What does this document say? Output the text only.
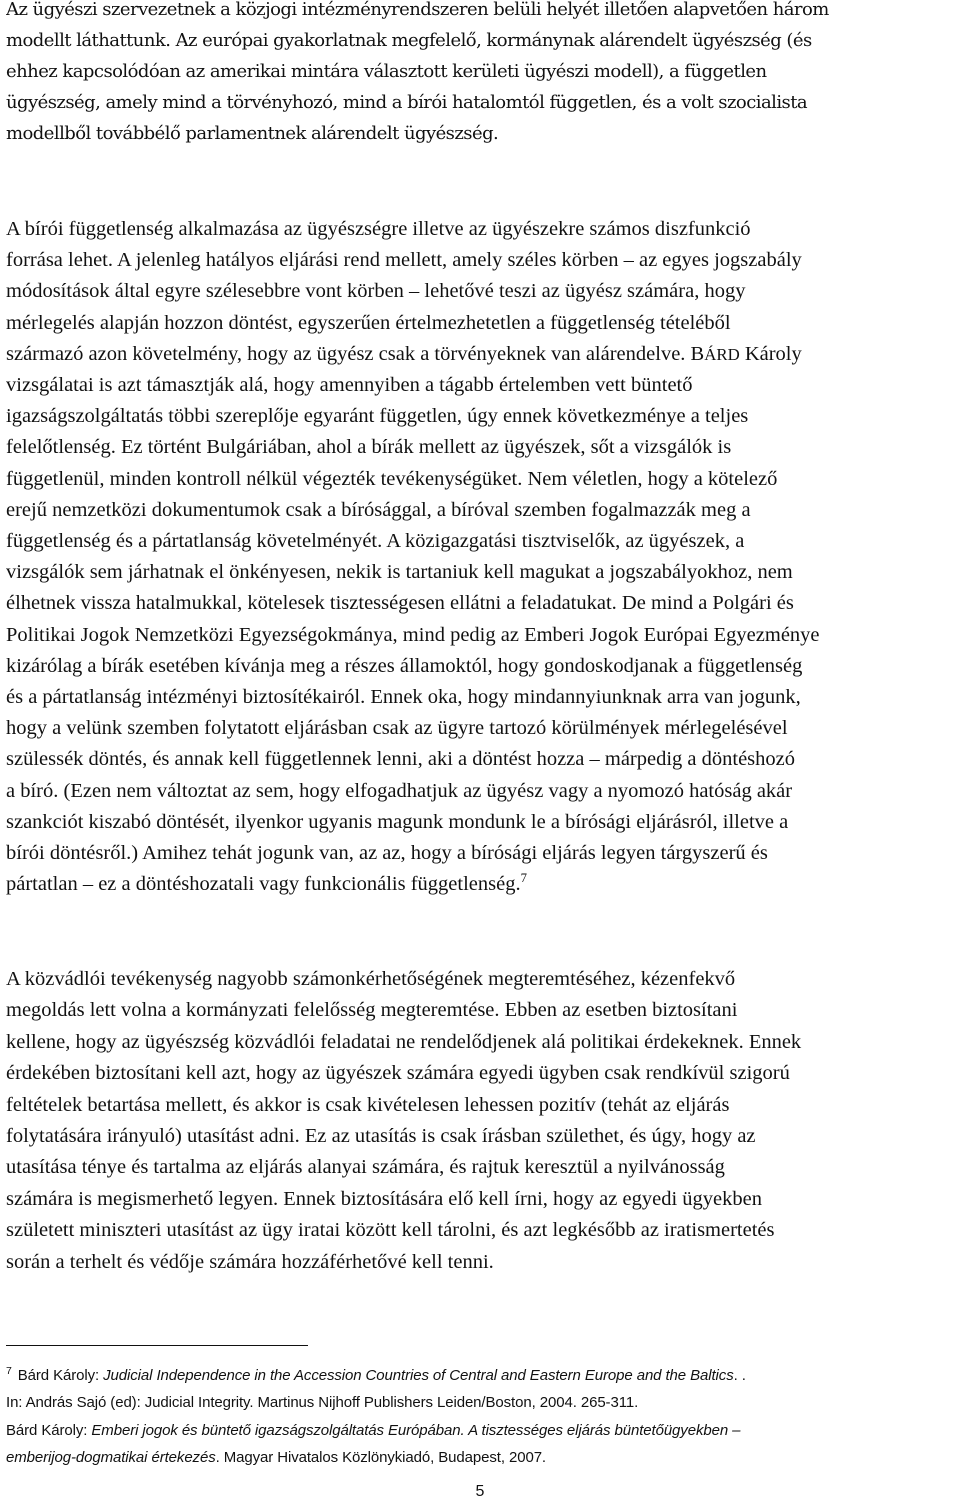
Az ügyészi szervezetnek a közjogi intézményrendszeren belüli helyét illetően alapvetően három
modellt láthattunk. Az európai gyakorlatnak megfelelő, kormánynak alárendelt ügyészség (és
ehhez kapcsolódóan az amerikai mintára választott kerületi ügyészi modell), a független
ügyészség, amely mind a törvényhozó, mind a bírói hatalomtól független, és a volt szocialista
modellből továbbélő parlamentnek alárendelt ügyészség.
A bírói függetlenség alkalmazása az ügyészségre illetve az ügyészekre számos diszfunkció
forrása lehet. A jelenleg hatályos eljárási rend mellett, amely széles körben – az egyes jogszabály
módosítások által egyre szélesebbre vont körben – lehetővé teszi az ügyész számára, hogy
mérlegelés alapján hozzon döntést, egyszerűen értelmezhetetlen a függetlenség tételéből
származó azon követelmény, hogy az ügyész csak a törvényeknek van alárendelve. BÁRD Károly
vizsgálatai is azt támasztják alá, hogy amennyiben a tágabb értelemben vett büntető
igazságszolgáltatás többi szereplője egyaránt független, úgy ennek következménye a teljes
felelőtlenség. Ez történt Bulgáriában, ahol a bírák mellett az ügyészek, sőt a vizsgálók is
függetlenül, minden kontroll nélkül végezték tevékenységüket. Nem véletlen, hogy a kötelező
erejű nemzetközi dokumentumok csak a bírósággal, a bíróval szemben fogalmazzák meg a
függetlenség és a pártatlanság követelményét. A közigazgatási tisztviselők, az ügyészek, a
vizsgálók sem járhatnak el önkényesen, nekik is tartaniuk kell magukat a jogszabályokhoz, nem
élhetnek vissza hatalmukkal, kötelesek tisztességesen ellátni a feladatukat. De mind a Polgári és
Politikai Jogok Nemzetközi Egyezségokmánya, mind pedig az Emberi Jogok Európai Egyezménye
kizárólag a bírák esetében kívánja meg a részes államoktól, hogy gondoskodjanak a függetlenség
és a pártatlanság intézményi biztosítékairól. Ennek oka, hogy mindannyiunknak arra van jogunk,
hogy a velünk szemben folytatott eljárásban csak az ügyre tartozó körülmények mérlegelésével
szülessék döntés, és annak kell függetlennek lenni, aki a döntést hozza – márpedig a döntéshozó
a bíró. (Ezen nem változtat az sem, hogy elfogadhatjuk az ügyész vagy a nyomozó hatóság akár
szankciót kiszabó döntését, ilyenkor ugyanis magunk mondunk le a bírósági eljárásról, illetve a
bírói döntésről.) Amihez tehát jogunk van, az az, hogy a bírósági eljárás legyen tárgyszerű és
pártatlan – ez a döntéshozatali vagy funkcionális függetlenség.$^7$
A közvádlói tevékenység nagyobb számonkérhetőségének megteremtéséhez, kézenfekvő
megoldás lett volna a kormányzati felelősség megteremtése. Ebben az esetben biztosítani
kellene, hogy az ügyészség közvádlói feladatai ne rendelődjenek alá politikai érdekeknek. Ennek
érdekében biztosítani kell azt, hogy az ügyészek számára egyedi ügyben csak rendkívül szigorú
feltételek betartása mellett, és akkor is csak kivételesen lehessen pozitív (tehát az eljárás
folytatására irányuló) utasítást adni. Ez az utasítás is csak írásban születhet, és úgy, hogy az
utasítása ténye és tartalma az eljárás alanyai számára, és rajtuk keresztül a nyilvánosság
számára is megismerhető legyen. Ennek biztosítására elő kell írni, hogy az egyedi ügyekben
született miniszteri utasítást az ügy iratai között kell tárolni, és azt legkésőbb az iratismertetés
során a terhelt és védője számára hozzáférhetővé kell tenni.
$^7$ Bárd Károly: Judicial Independence in the Accession Countries of Central and Eastern Europe and the Baltics. .
In: András Sajó (ed): Judicial Integrity. Martinus Nijhoff Publishers Leiden/Boston, 2004. 265-311.
Bárd Károly: Emberi jogok és büntető igazságszolgáltatás Európában. A tisztességes eljárás büntetőügyekben –
emberijog-dogmatikai értekezés. Magyar Hivatalos Közlönykiadó, Budapest, 2007.
5
